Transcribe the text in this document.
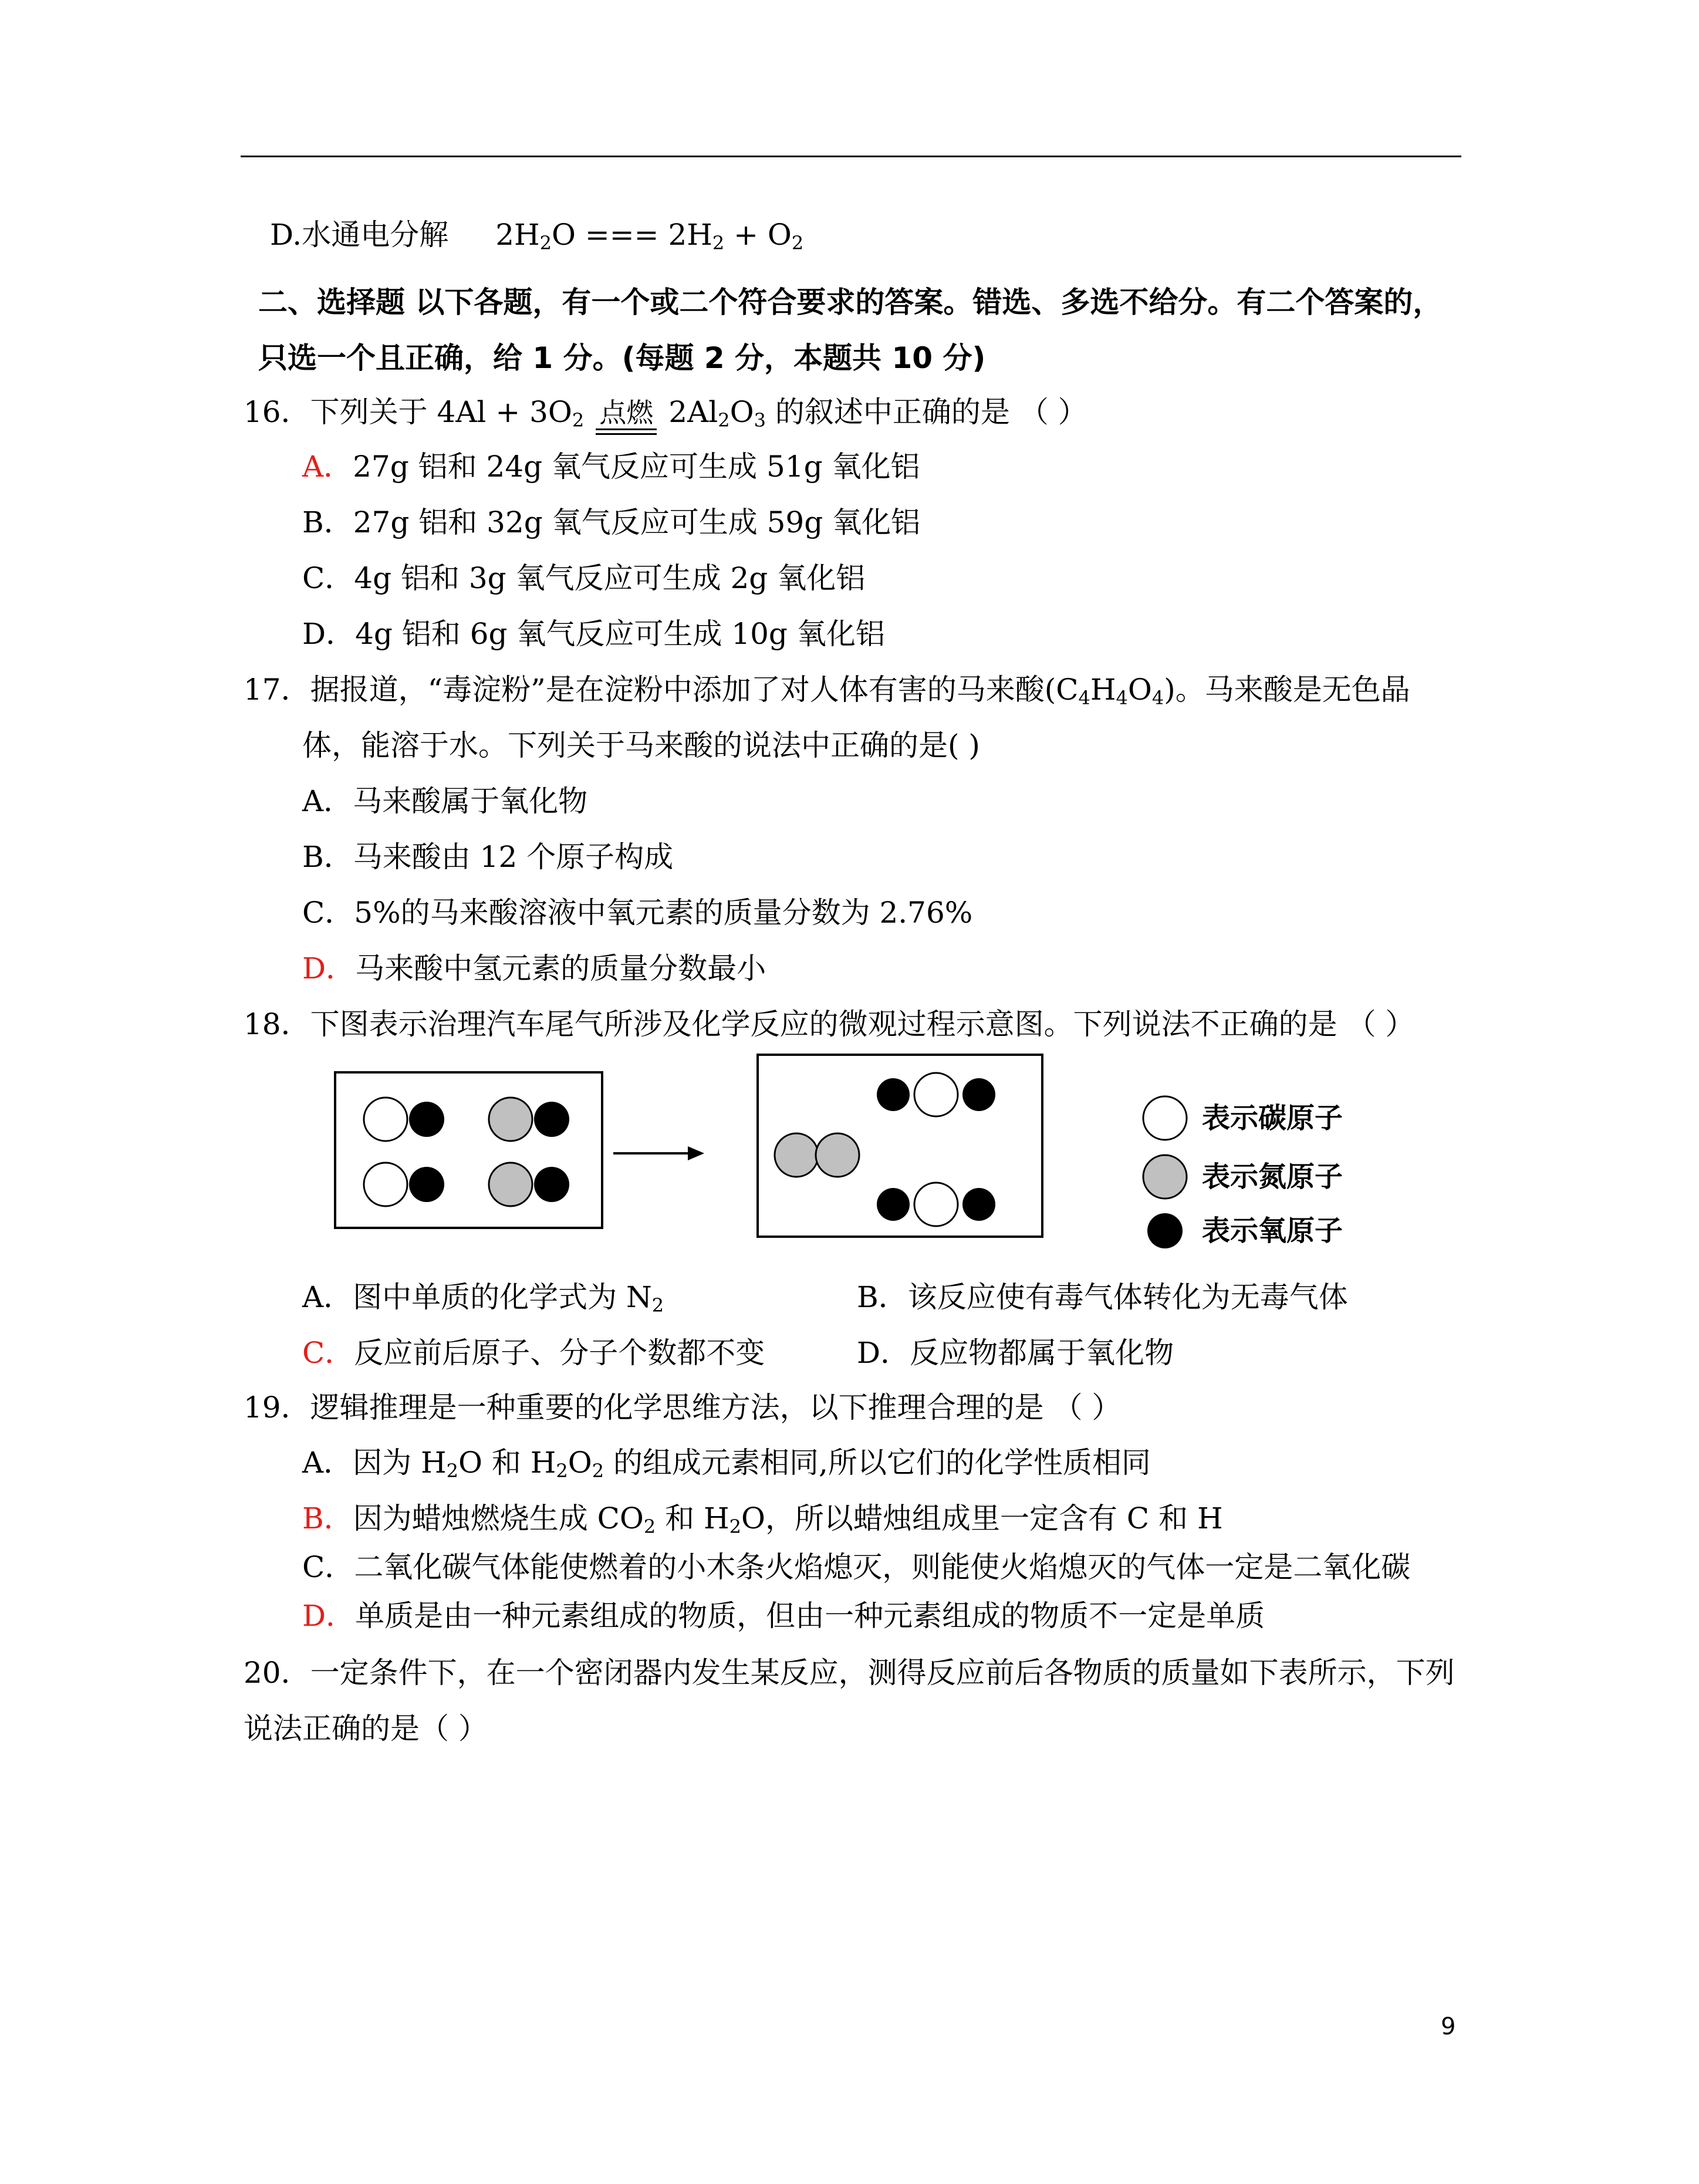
D.水通电分解 $2H_2O$ === $2H_2 + O_2$
二、选择题 以下各题，有一个或二个符合要求的答案。错选、多选不给分。有二个答案的，
只选一个且正确，给 1 分。(每题 2 分，本题共 10 分)
16．下列关于 $4Al + 3O_2$ 点燃 $2Al_2O_3$ 的叙述中正确的是 （ ）
A．27g 铝和 24g 氧气反应可生成 51g 氧化铝
B．27g 铝和 32g 氧气反应可生成 59g 氧化铝
C．4g 铝和 3g 氧气反应可生成 2g 氧化铝
D．4g 铝和 6g 氧气反应可生成 10g 氧化铝
17．据报道，“毒淀粉”是在淀粉中添加了对人体有害的马来酸$(C_4H_4O_4)$。马来酸是无色晶
体，能溶于水。下列关于马来酸的说法中正确的是( )
A．马来酸属于氧化物
B．马来酸由 12 个原子构成
C．5%的马来酸溶液中氧元素的质量分数为 2.76%
D．马来酸中氢元素的质量分数最小
18．下图表示治理汽车尾气所涉及化学反应的微观过程示意图。下列说法不正确的是 （ ）
表示碳原子
表示氮原子
表示氧原子
A．图中单质的化学式为 $N_2$	B．该反应使有毒气体转化为无毒气体
C．反应前后原子、分子个数都不变	D．反应物都属于氧化物
19．逻辑推理是一种重要的化学思维方法，以下推理合理的是 （ ）
A．因为 $H_2O$ 和 $H_2O_2$ 的组成元素相同,所以它们的化学性质相同
B．因为蜡烛燃烧生成 $CO_2$ 和 $H_2O$，所以蜡烛组成里一定含有 C 和 H
C．二氧化碳气体能使燃着的小木条火焰熄灭，则能使火焰熄灭的气体一定是二氧化碳
D．单质是由一种元素组成的物质，但由一种元素组成的物质不一定是单质
20．一定条件下，在一个密闭器内发生某反应，测得反应前后各物质的质量如下表所示，下列
说法正确的是（ ）
9
